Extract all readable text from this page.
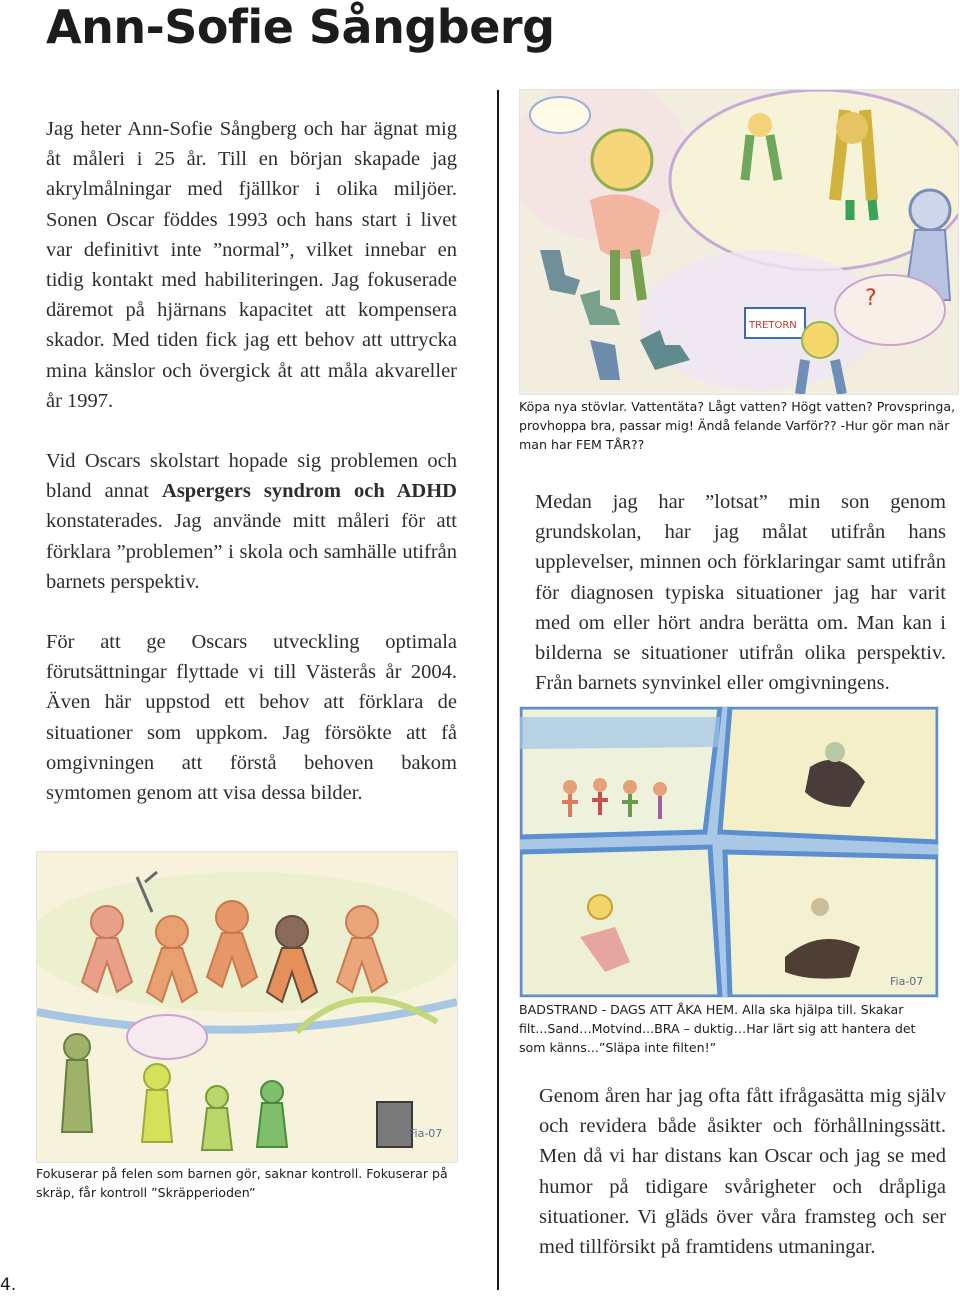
Ann-Sofie Sångberg

Jag heter Ann-Sofie Sångberg och har ägnat mig åt måleri i 25 år. Till en början skapade jag akrylmålningar med fjällkor i olika miljöer. Sonen Oscar föddes 1993 och hans start i livet var definitivt inte ”normal”, vilket innebar en tidig kontakt med habiliteringen. Jag fokuserade däremot på hjärnans kapacitet att kompensera skador. Med tiden fick jag ett behov att uttrycka mina känslor och övergick åt att måla akvareller år 1997.

Vid Oscars skolstart hopade sig problemen och bland annat Aspergers syndrom och ADHD konstaterades. Jag använde mitt måleri för att förklara ”problemen” i skola och samhälle utifrån barnets perspektiv.

För att ge Oscars utveckling optimala förutsättningar flyttade vi till Västerås år 2004. Även här uppstod ett behov att förklara de situationer som uppkom. Jag försökte att få omgivningen att förstå behoven bakom symtomen genom att visa dessa bilder.

TRETORN
?
Köpa nya stövlar. Vattentäta? Lågt vatten? Högt vatten? Provspringa, provhoppa bra, passar mig! Ändå felande Varför?? -Hur gör man när man har FEM TÅR??
Medan jag har ”lotsat” min son genom grundskolan, har jag målat utifrån hans upplevelser, minnen och förklaringar samt utifrån för diagnosen typiska situationer jag har varit med om eller hört andra berätta om. Man kan i bilderna se situationer utifrån olika perspektiv. Från barnets synvinkel eller omgivningens.
Fia-07
BADSTRAND - DAGS ATT ÅKA HEM. Alla ska hjälpa till. Skakar filt...Sand…Motvind...BRA – duktig…Har lärt sig att hantera det som känns...”Släpa inte filten!”
Genom åren har jag ofta fått ifrågasätta mig själv och revidera både åsikter och förhållningssätt. Men då vi har distans kan Oscar och jag se med humor på tidigare svårigheter och dråpliga situationer. Vi gläds över våra framsteg och ser med tillförsikt på framtidens utmaningar.
Fia-07
Fokuserar på felen som barnen gör, saknar kontroll. Fokuserar på skräp, får kontroll ”Skräpperioden”
4.
